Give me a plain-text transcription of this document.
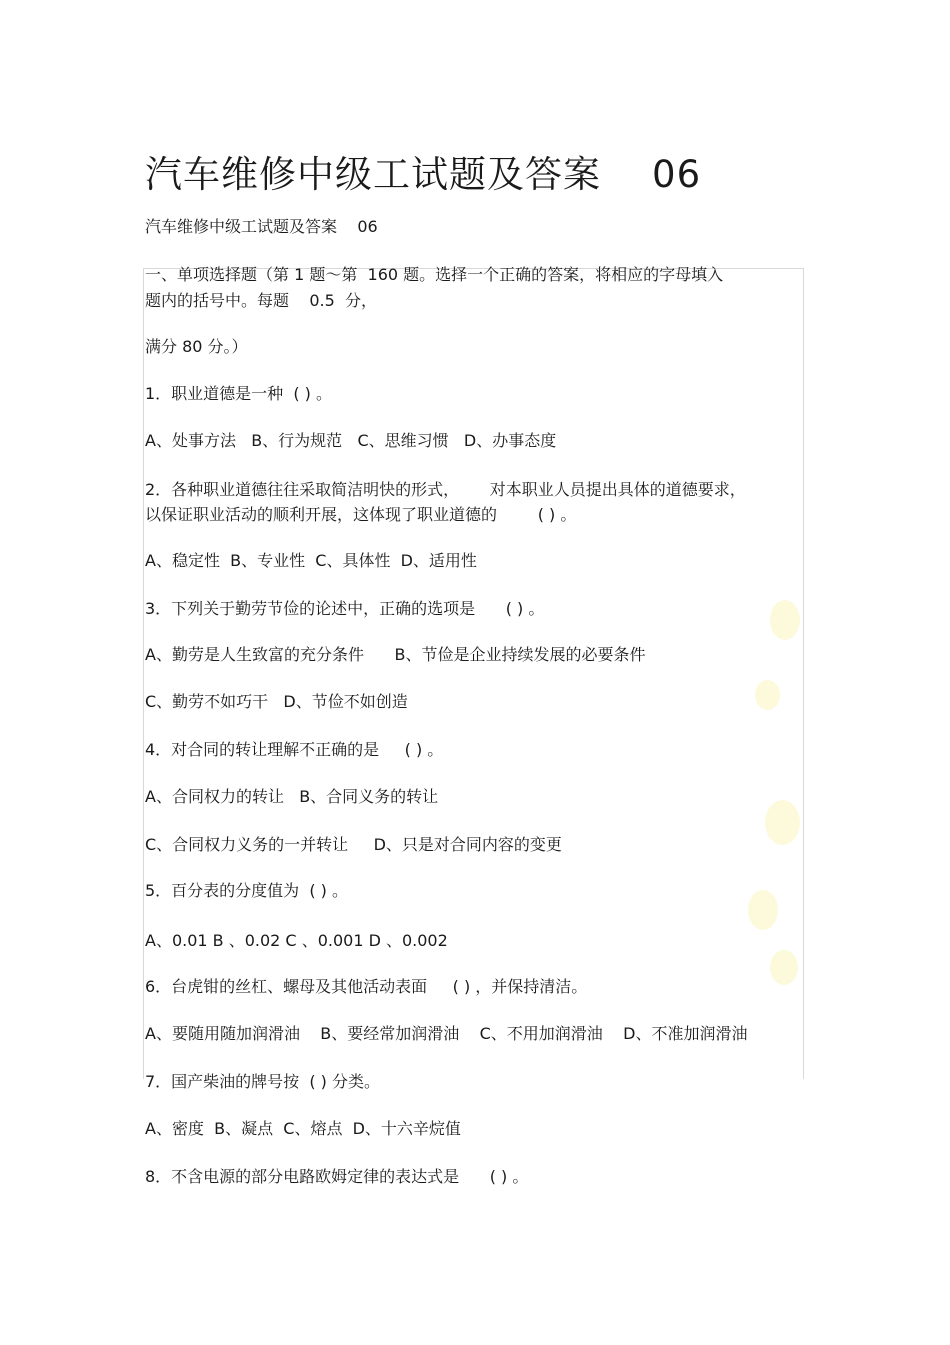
汽车维修中级工试题及答案    06
汽车维修中级工试题及答案    06
一、单项选择题（第 1 题～第  160 题。选择一个正确的答案，将相应的字母填入
题内的括号中。每题    0.5  分，
满分 80 分。）
1．职业道德是一种  ( ) 。
A、处事方法   B、行为规范   C、思维习惯   D、办事态度
2．各种职业道德往往采取简洁明快的形式，      对本职业人员提出具体的道德要求，
以保证职业活动的顺利开展，这体现了职业道德的        ( ) 。
A、稳定性  B、专业性  C、具体性  D、适用性
3．下列关于勤劳节俭的论述中，正确的选项是      ( ) 。
A、勤劳是人生致富的充分条件      B、节俭是企业持续发展的必要条件
C、勤劳不如巧干   D、节俭不如创造
4．对合同的转让理解不正确的是     ( ) 。
A、合同权力的转让   B、合同义务的转让
C、合同权力义务的一并转让     D、只是对合同内容的变更
5．百分表的分度值为  ( ) 。
A、0.01 B 、0.02 C 、0.001 D 、0.002
6．台虎钳的丝杠、螺母及其他活动表面     ( ) ，并保持清洁。
A、要随用随加润滑油    B、要经常加润滑油    C、不用加润滑油    D、不准加润滑油
7．国产柴油的牌号按  ( ) 分类。
A、密度  B、凝点  C、熔点  D、十六辛烷值
8．不含电源的部分电路欧姆定律的表达式是      ( ) 。
